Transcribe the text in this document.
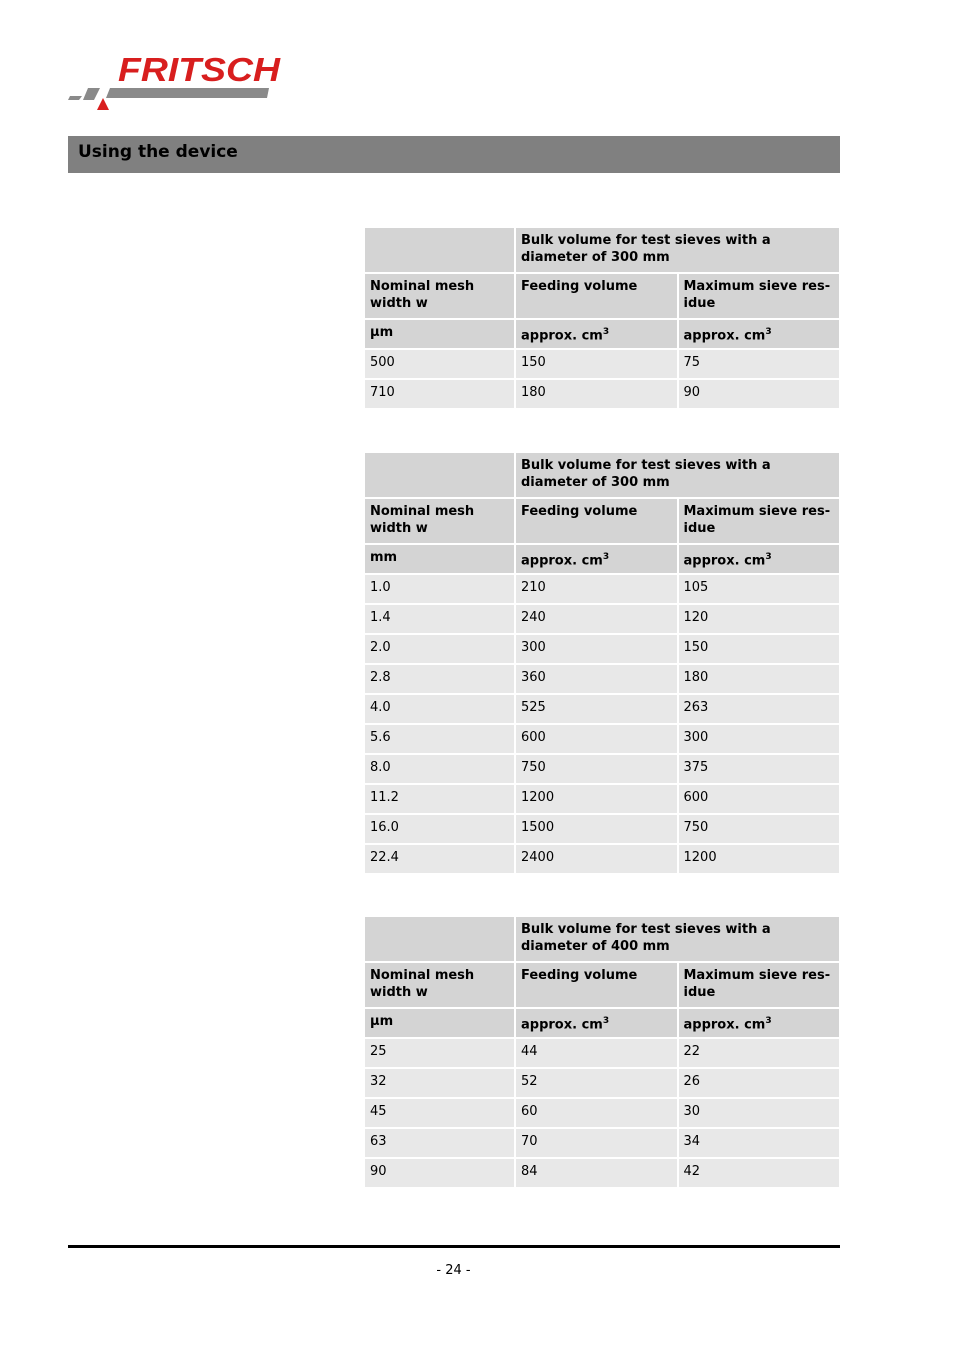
FRITSCH
Using the device
	Bulk volume for test sieves with a diameter of 300 mm	
Nominal mesh width w	Feeding volume	Maximum sieve res-idue
µm	approx. $cm^3$	approx. $cm^3$
500	150	75
710	180	90
	Bulk volume for test sieves with a diameter of 300 mm	
Nominal mesh width w	Feeding volume	Maximum sieve res-idue
mm	approx. $cm^3$	approx. $cm^3$
1.0	210	105
1.4	240	120
2.0	300	150
2.8	360	180
4.0	525	263
5.6	600	300
8.0	750	375
11.2	1200	600
16.0	1500	750
22.4	2400	1200
	Bulk volume for test sieves with a diameter of 400 mm	
Nominal mesh width w	Feeding volume	Maximum sieve res-idue
µm	approx. $cm^3$	approx. $cm^3$
25	44	22
32	52	26
45	60	30
63	70	34
90	84	42
- 24 -
